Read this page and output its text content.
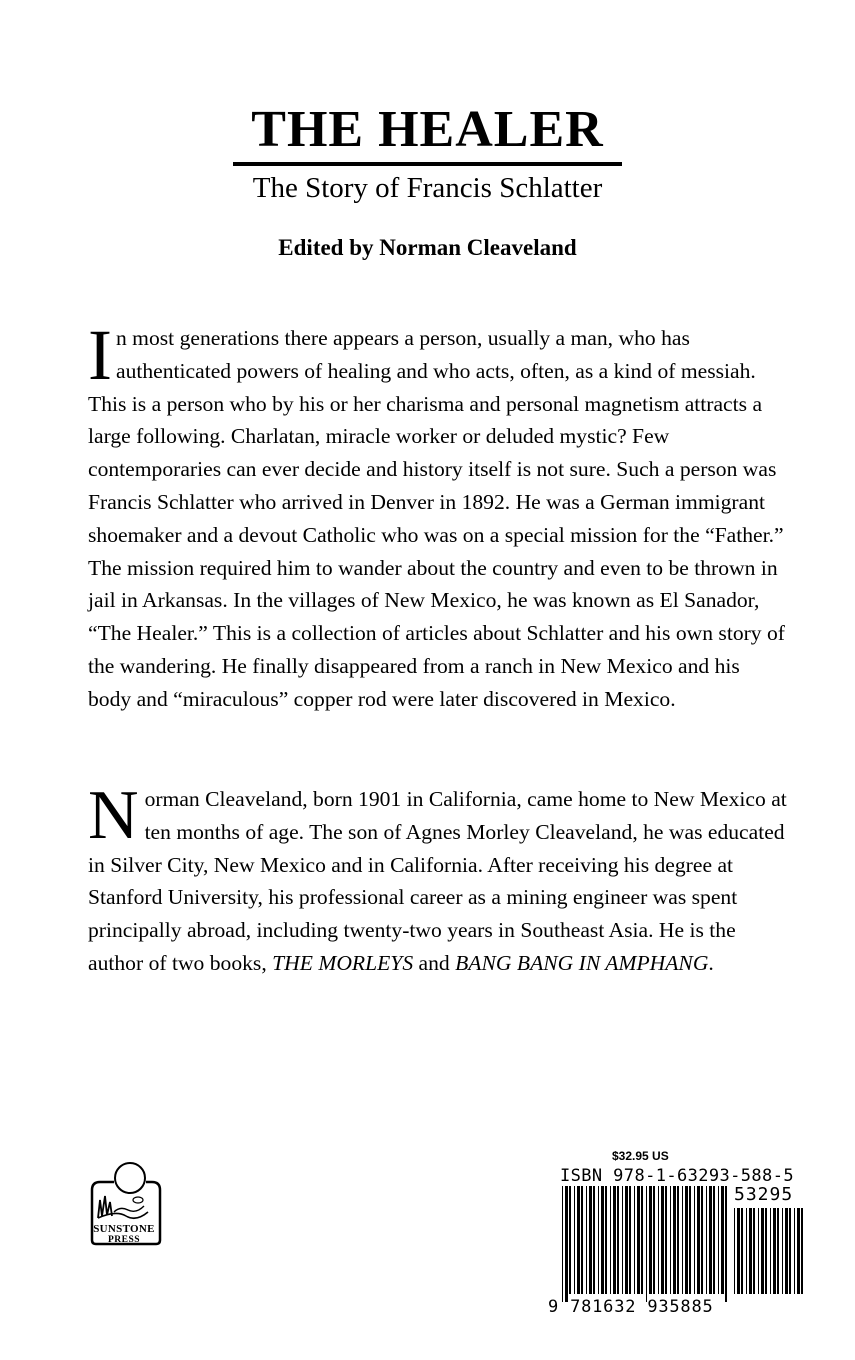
THE HEALER
The Story of Francis Schlatter
Edited by Norman Cleaveland

In most generations there appears a person, usually a man, who has authenticated powers of healing and who acts, often, as a kind of messiah. This is a person who by his or her charisma and personal magnetism attracts a large following. Charlatan, miracle worker or deluded mystic? Few contemporaries can ever decide and history itself is not sure. Such a person was Francis Schlatter who arrived in Denver in 1892. He was a German immigrant shoemaker and a devout Catholic who was on a special mission for the “Father.” The mission required him to wander about the country and even to be thrown in jail in Arkansas. In the villages of New Mexico, he was known as El Sanador, “The Healer.” This is a collection of articles about Schlatter and his own story of the wandering. He finally disappeared from a ranch in New Mexico and his body and “miraculous” copper rod were later discovered in Mexico.

Norman Cleaveland, born 1901 in California, came home to New Mexico at ten months of age. The son of Agnes Morley Cleaveland, he was educated in Silver City, New Mexico and in California. After receiving his degree at Stanford University, his professional career as a mining engineer was spent principally abroad, including twenty-two years in Southeast Asia. He is the author of two books, THE MORLEYS and BANG BANG IN AMPHANG.

SUNSTONE
PRESS
$32.95 US
ISBN 978-1-63293-588-5
53295
9 781632 935885
